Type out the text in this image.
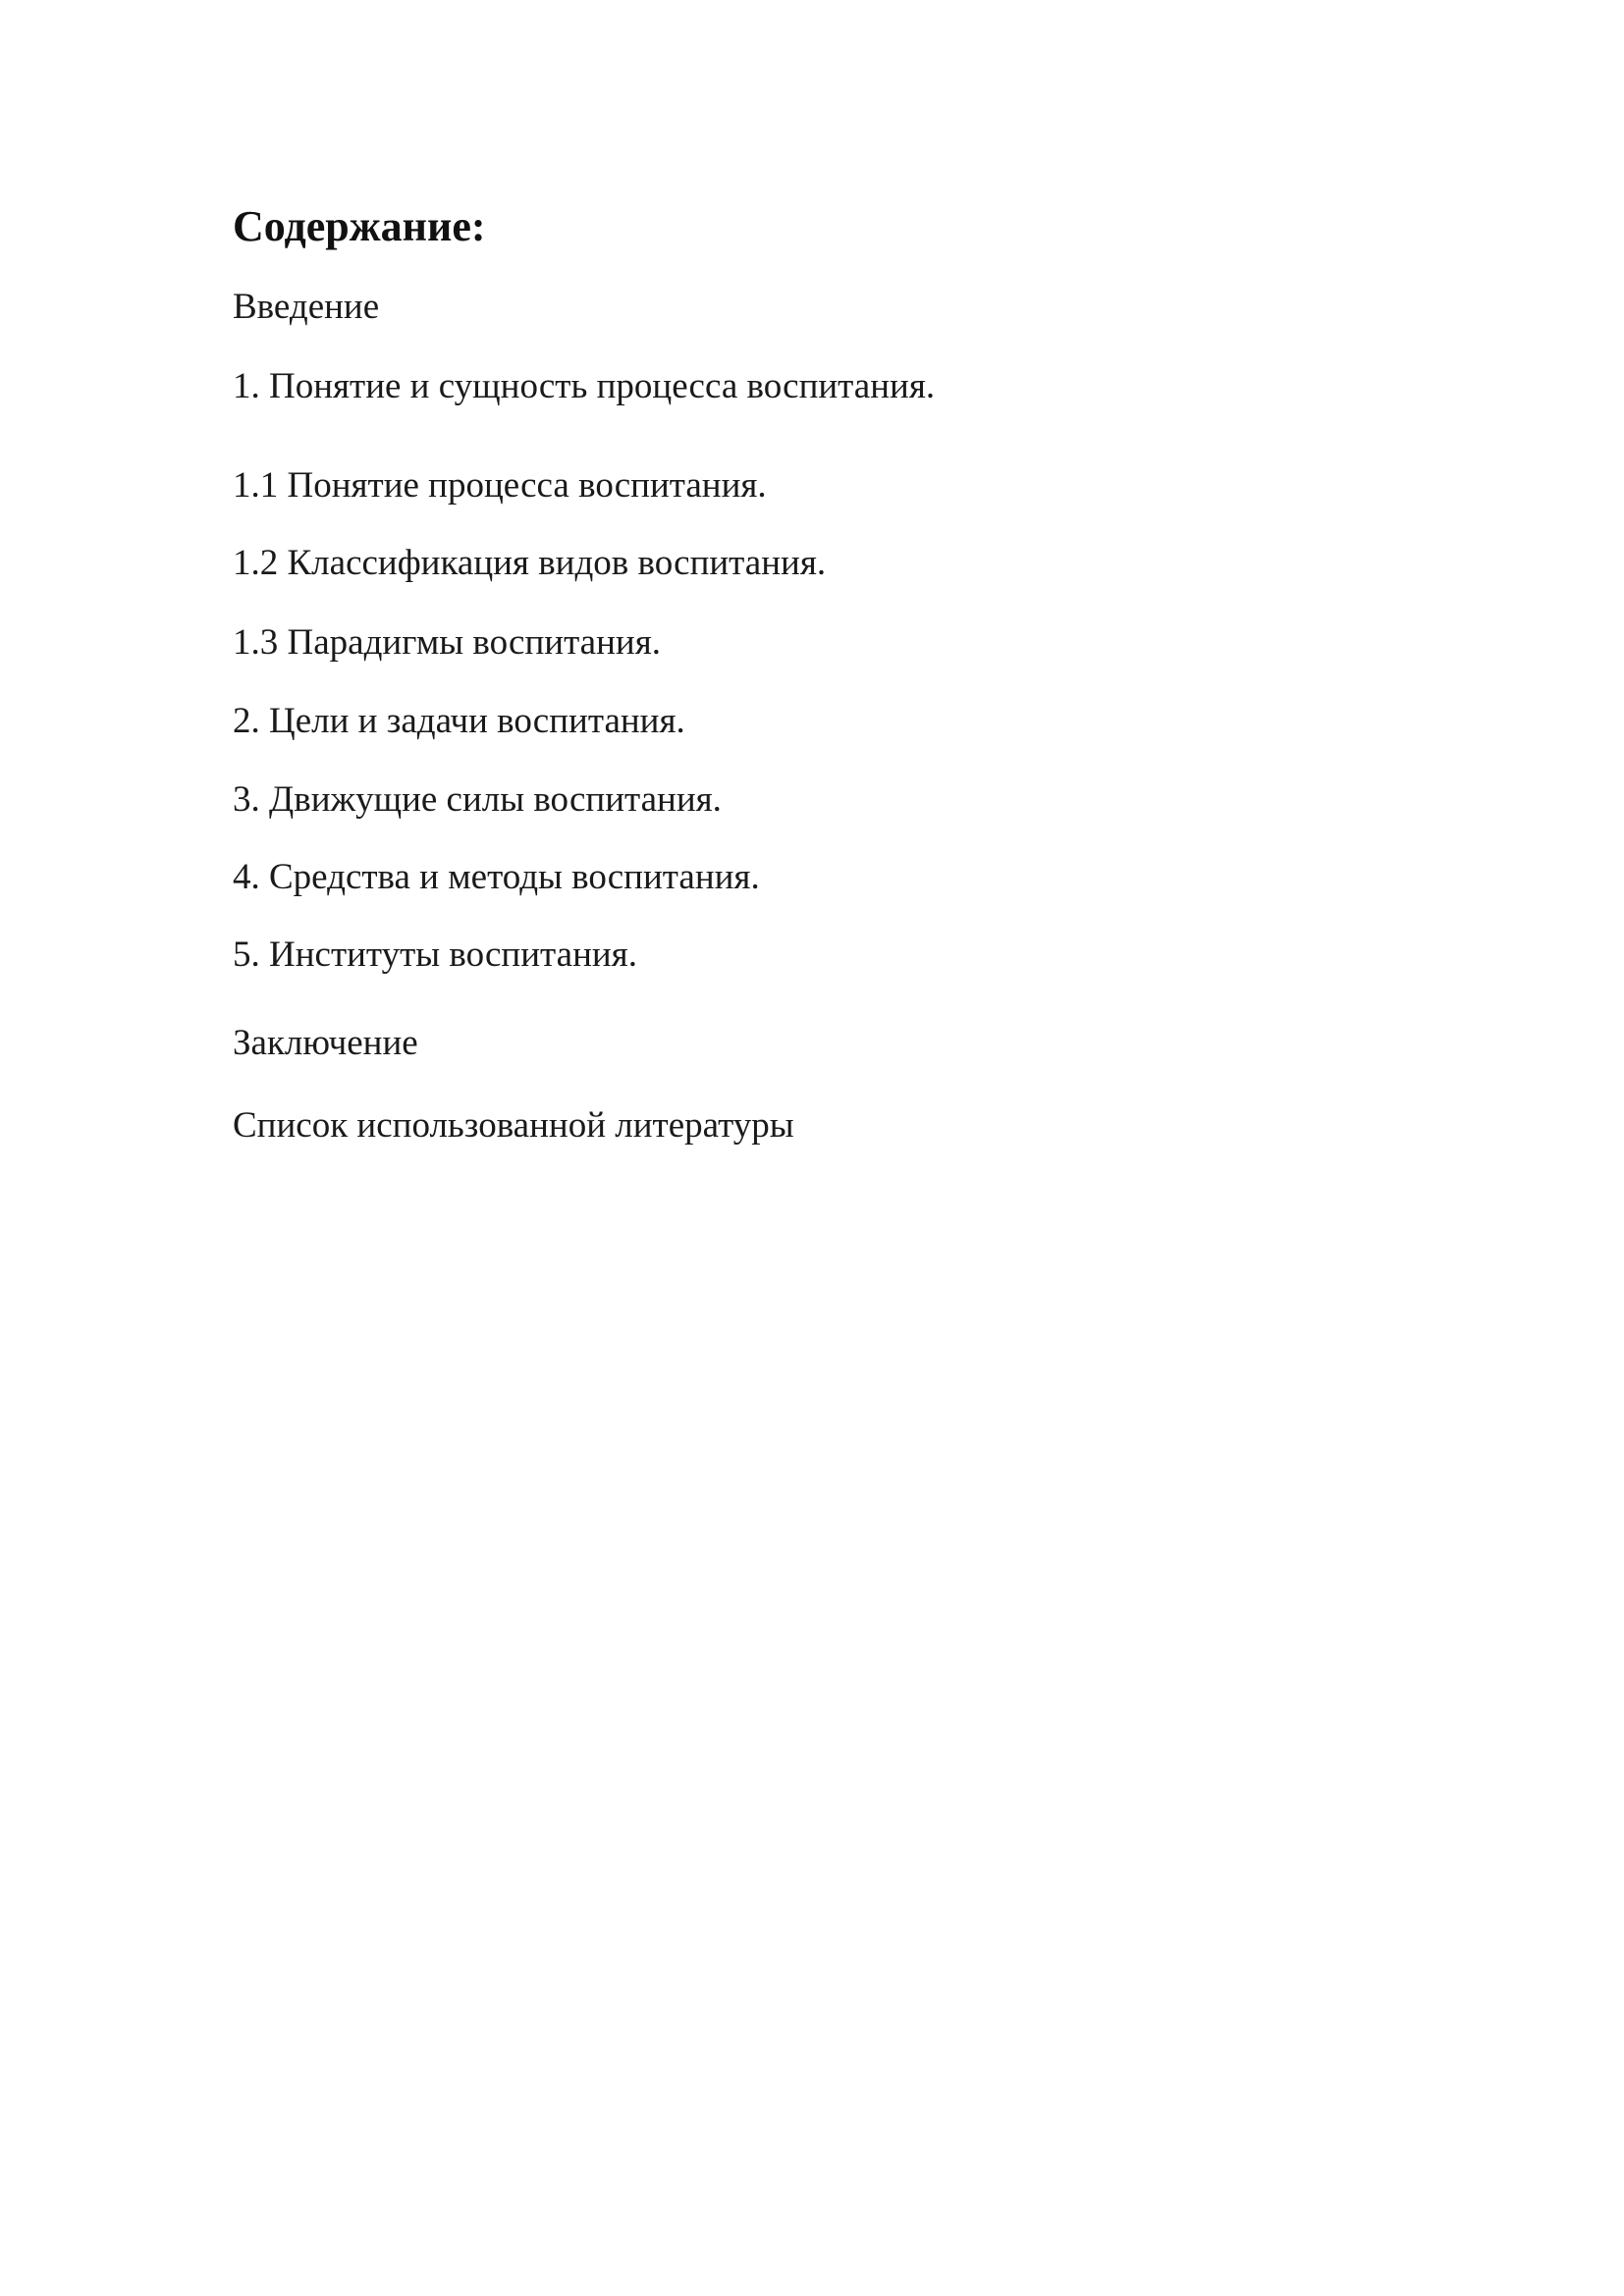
Содержание:

Введение

1. Понятие и сущность процесса воспитания.

1.1 Понятие процесса воспитания.

1.2 Классификация видов воспитания.

1.3 Парадигмы воспитания.

2. Цели и задачи воспитания.

3. Движущие силы воспитания.

4. Средства и методы воспитания.

5. Институты воспитания.

Заключение

Список использованной литературы
